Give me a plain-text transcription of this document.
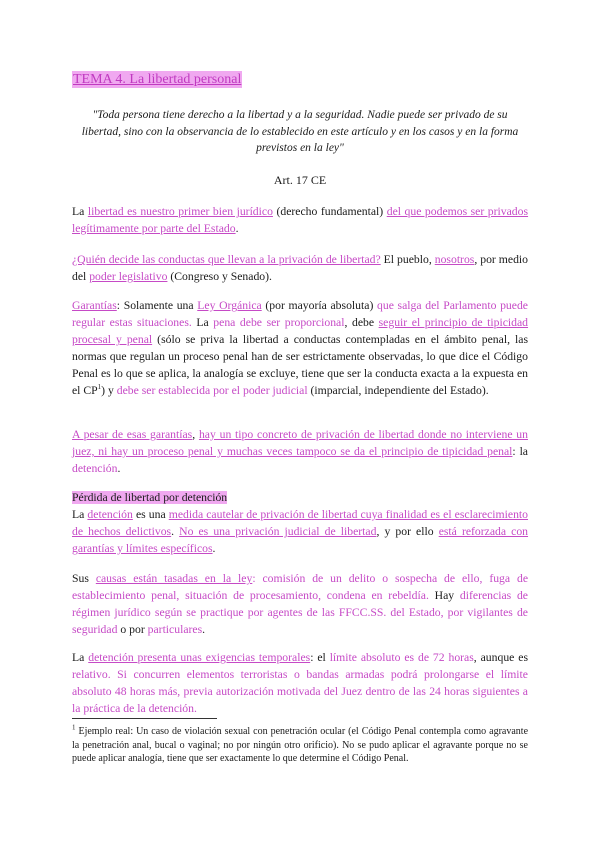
TEMA 4. La libertad personal
"Toda persona tiene derecho a la libertad y a la seguridad. Nadie puede ser privado de su libertad, sino con la observancia de lo establecido en este artículo y en los casos y en la forma previstos en la ley"
Art. 17 CE
La libertad es nuestro primer bien jurídico (derecho fundamental) del que podemos ser privados legítimamente por parte del Estado.
¿Quién decide las conductas que llevan a la privación de libertad? El pueblo, nosotros, por medio del poder legislativo (Congreso y Senado).
Garantías: Solamente una Ley Orgánica (por mayoría absoluta) que salga del Parlamento puede regular estas situaciones. La pena debe ser proporcional, debe seguir el principio de tipicidad procesal y penal (sólo se priva la libertad a conductas contempladas en el ámbito penal, las normas que regulan un proceso penal han de ser estrictamente observadas, lo que dice el Código Penal es lo que se aplica, la analogía se excluye, tiene que ser la conducta exacta a la expuesta en el $CP^1$) y debe ser establecida por el poder judicial (imparcial, independiente del Estado).
A pesar de esas garantías, hay un tipo concreto de privación de libertad donde no interviene un juez, ni hay un proceso penal y muchas veces tampoco se da el principio de tipicidad penal: la detención.
Pérdida de libertad por detención
La detención es una medida cautelar de privación de libertad cuya finalidad es el esclarecimiento de hechos delictivos. No es una privación judicial de libertad, y por ello está reforzada con garantías y límites específicos.
Sus causas están tasadas en la ley: comisión de un delito o sospecha de ello, fuga de establecimiento penal, situación de procesamiento, condena en rebeldía. Hay diferencias de régimen jurídico según se practique por agentes de las FFCC.SS. del Estado, por vigilantes de seguridad o por particulares.
La detención presenta unas exigencias temporales: el límite absoluto es de 72 horas, aunque es relativo. Si concurren elementos terroristas o bandas armadas podrá prolongarse el límite absoluto 48 horas más, previa autorización motivada del Juez dentro de las 24 horas siguientes a la práctica de la detención.
$^1$ Ejemplo real: Un caso de violación sexual con penetración ocular (el Código Penal contempla como agravante la penetración anal, bucal o vaginal; no por ningún otro orificio). No se pudo aplicar el agravante porque no se puede aplicar analogía, tiene que ser exactamente lo que determine el Código Penal.
